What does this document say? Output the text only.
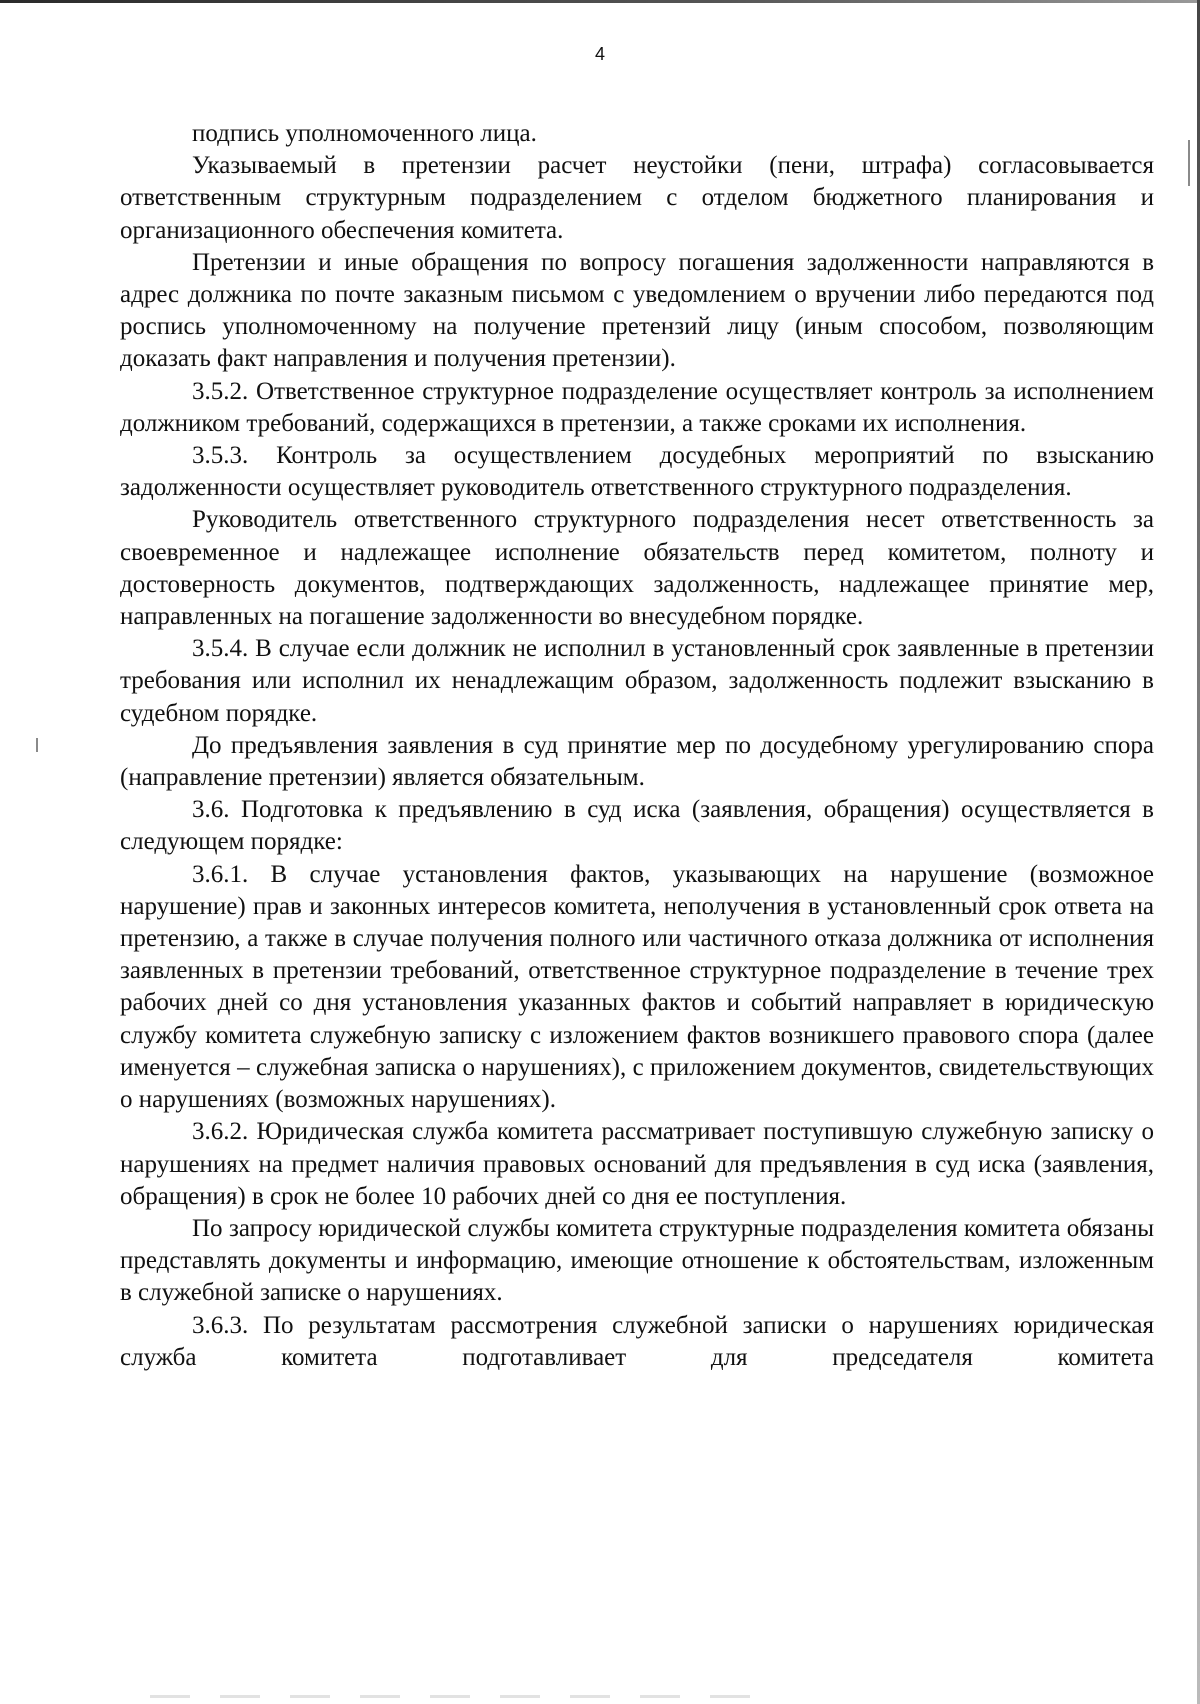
4

подпись уполномоченного лица.

Указываемый в претензии расчет неустойки (пени, штрафа) согласовывается ответственным структурным подразделением с отделом бюджетного планирования и организационного обеспечения комитета.

Претензии и иные обращения по вопросу погашения задолженности направляются в адрес должника по почте заказным письмом с уведомлением о вручении либо передаются под роспись уполномоченному на получение претензий лицу (иным способом, позволяющим доказать факт направления и получения претензии).

3.5.2. Ответственное структурное подразделение осуществляет контроль за исполнением должником требований, содержащихся в претензии, а также сроками их исполнения.

3.5.3. Контроль за осуществлением досудебных мероприятий по взысканию задолженности осуществляет руководитель ответственного структурного подразделения.

Руководитель ответственного структурного подразделения несет ответственность за своевременное и надлежащее исполнение обязательств перед комитетом, полноту и достоверность документов, подтверждающих задолженность, надлежащее принятие мер, направленных на погашение задолженности во внесудебном порядке.

3.5.4. В случае если должник не исполнил в установленный срок заявленные в претензии требования или исполнил их ненадлежащим образом, задолженность подлежит взысканию в судебном порядке.

До предъявления заявления в суд принятие мер по досудебному урегулированию спора (направление претензии) является обязательным.

3.6. Подготовка к предъявлению в суд иска (заявления, обращения) осуществляется в следующем порядке:

3.6.1. В случае установления фактов, указывающих на нарушение (возможное нарушение) прав и законных интересов комитета, неполучения в установленный срок ответа на претензию, а также в случае получения полного или частичного отказа должника от исполнения заявленных в претензии требований, ответственное структурное подразделение в течение трех рабочих дней со дня установления указанных фактов и событий направляет в юридическую службу комитета служебную записку с изложением фактов возникшего правового спора (далее именуется – служебная записка о нарушениях), с приложением документов, свидетельствующих о нарушениях (возможных нарушениях).

3.6.2. Юридическая служба комитета рассматривает поступившую служебную записку о нарушениях на предмет наличия правовых оснований для предъявления в суд иска (заявления, обращения) в срок не более 10 рабочих дней со дня ее поступления.

По запросу юридической службы комитета структурные подразделения комитета обязаны представлять документы и информацию, имеющие отношение к обстоятельствам, изложенным в служебной записке о нарушениях.

3.6.3. По результатам рассмотрения служебной записки о нарушениях юридическая служба комитета подготавливает для председателя комитета
